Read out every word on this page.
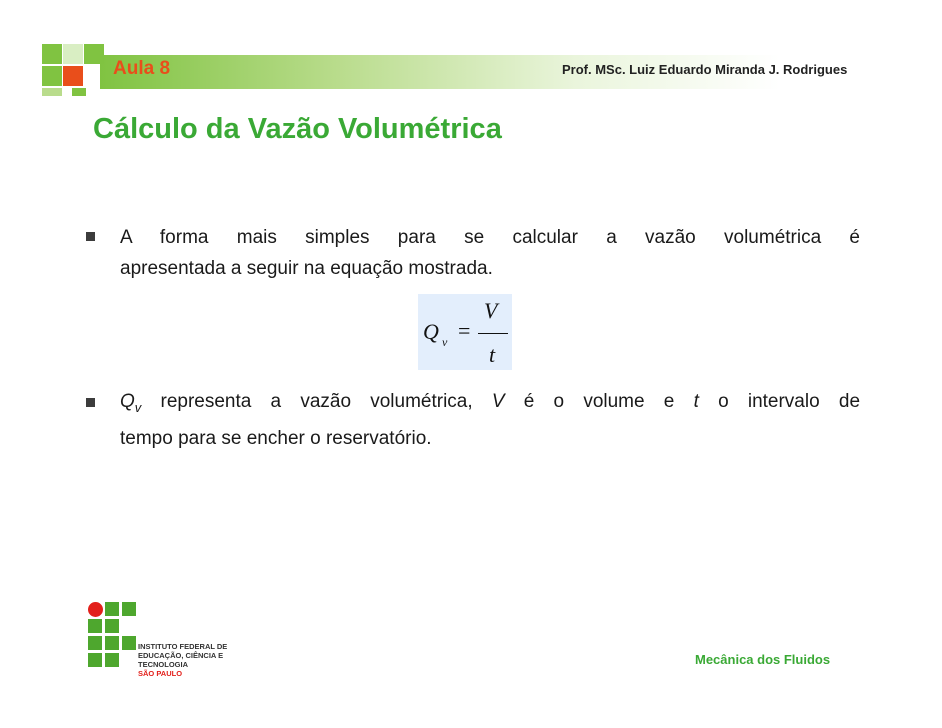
Aula 8	Prof. MSc. Luiz Eduardo Miranda J. Rodrigues
Cálculo da Vazão Volumétrica
A forma mais simples para se calcular a vazão volumétrica é
apresentada a seguir na equação mostrada.
Q v =
V
t
$Q_v$ representa a vazão volumétrica, V é o volume e t o intervalo de
tempo para se encher o reservatório.
INSTITUTO FEDERAL DE
EDUCAÇÃO, CIÊNCIA E TECNOLOGIA
SÃO PAULO
Mecânica dos Fluidos
